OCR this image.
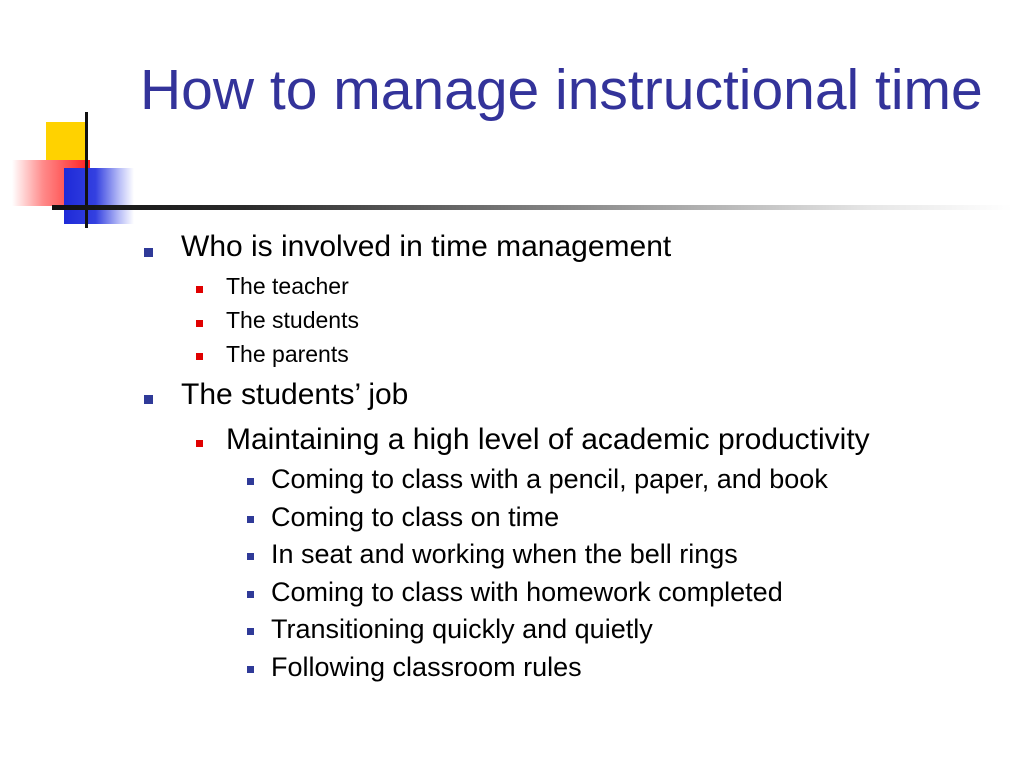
How to manage instructional time
Who is involved in time management
The teacher
The students
The parents
The students’ job
Maintaining a high level of academic productivity
Coming to class with a pencil, paper, and book
Coming to class on time
In seat and working when the bell rings
Coming to class with homework completed
Transitioning quickly and quietly
Following classroom rules
